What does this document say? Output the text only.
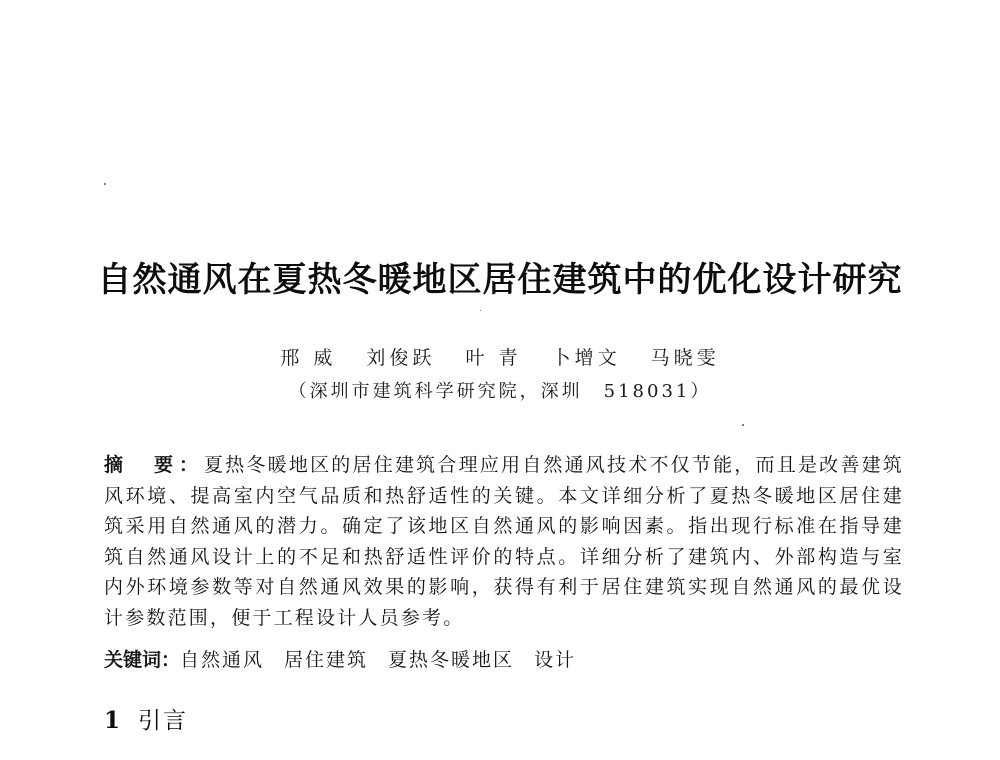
自然通风在夏热冬暖地区居住建筑中的优化设计研究
邢 威 刘俊跃 叶 青 卜增文 马晓雯
（深圳市建筑科学研究院，深圳　518031）
摘　要：夏热冬暖地区的居住建筑合理应用自然通风技术不仅节能，而且是改善建筑风环境、提高室内空气品质和热舒适性的关键。本文详细分析了夏热冬暖地区居住建筑采用自然通风的潜力。确定了该地区自然通风的影响因素。指出现行标准在指导建筑自然通风设计上的不足和热舒适性评价的特点。详细分析了建筑内、外部构造与室内外环境参数等对自然通风效果的影响，获得有利于居住建筑实现自然通风的最优设计参数范围，便于工程设计人员参考。
关键词：自然通风 居住建筑 夏热冬暖地区 设计
1 引言
